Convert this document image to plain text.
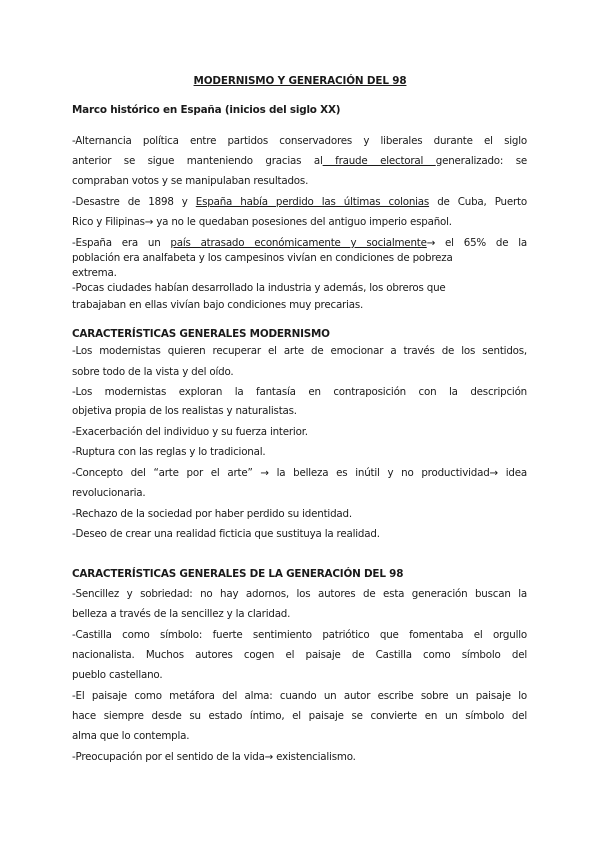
MODERNISMO Y GENERACIÓN DEL 98
Marco histórico en España (inicios del siglo XX)
-Alternancia política entre partidos conservadores y liberales durante el siglo
anterior se sigue manteniendo gracias al fraude electoral generalizado: se
compraban votos y se manipulaban resultados.
-Desastre de 1898 y España había perdido las últimas colonias de Cuba, Puerto
Rico y Filipinas→ ya no le quedaban posesiones del antiguo imperio español.
-España era un país atrasado económicamente y socialmente→ el 65% de la
población era analfabeta y los campesinos vivían en condiciones de pobreza
extrema.
-Pocas ciudades habían desarrollado la industria y además, los obreros que
trabajaban en ellas vivían bajo condiciones muy precarias.
CARACTERÍSTICAS GENERALES MODERNISMO
-Los modernistas quieren recuperar el arte de emocionar a través de los sentidos,
sobre todo de la vista y del oído.
-Los modernistas exploran la fantasía en contraposición con la descripción
objetiva propia de los realistas y naturalistas.
-Exacerbación del individuo y su fuerza interior.
-Ruptura con las reglas y lo tradicional.
-Concepto del “arte por el arte” → la belleza es inútil y no productividad→ idea
revolucionaria.
-Rechazo de la sociedad por haber perdido su identidad.
-Deseo de crear una realidad ficticia que sustituya la realidad.
CARACTERÍSTICAS GENERALES DE LA GENERACIÓN DEL 98
-Sencillez y sobriedad: no hay adornos, los autores de esta generación buscan la
belleza a través de la sencillez y la claridad.
-Castilla como símbolo: fuerte sentimiento patriótico que fomentaba el orgullo
nacionalista. Muchos autores cogen el paisaje de Castilla como símbolo del
pueblo castellano.
-El paisaje como metáfora del alma: cuando un autor escribe sobre un paisaje lo
hace siempre desde su estado íntimo, el paisaje se convierte en un símbolo del
alma que lo contempla.
-Preocupación por el sentido de la vida→ existencialismo.
